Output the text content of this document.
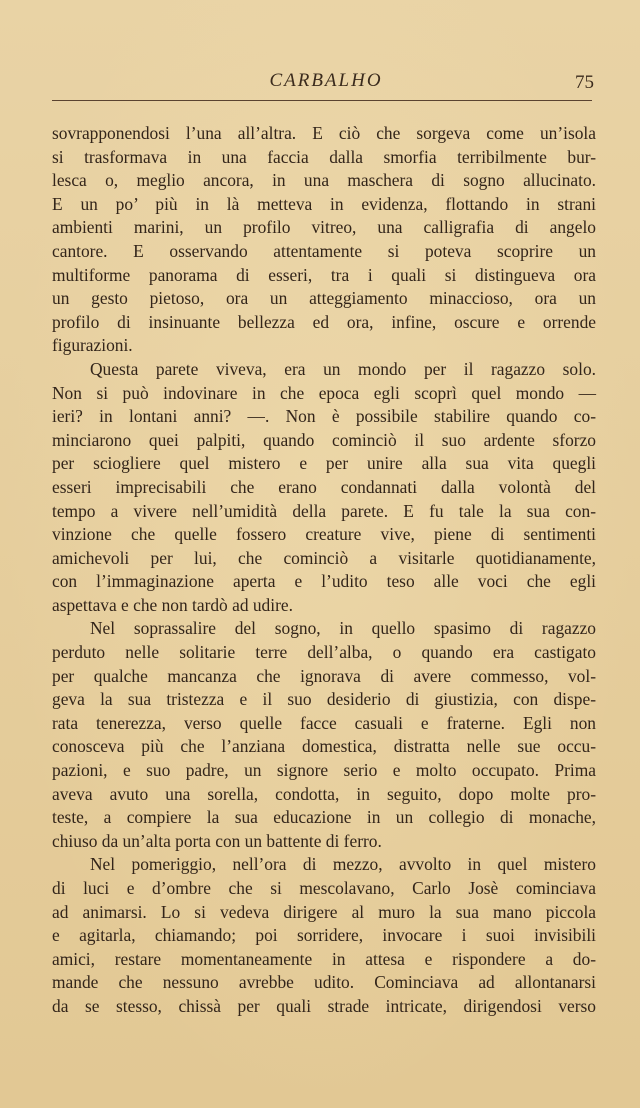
CARBALHO	75
sovrapponendosi l’una all’altra. E ciò che sorgeva come un’isola
si trasformava in una faccia dalla smorfia terribilmente bur-
lesca o, meglio ancora, in una maschera di sogno allucinato.
E un po’ più in là metteva in evidenza, flottando in strani
ambienti marini, un profilo vitreo, una calligrafia di angelo
cantore. E osservando attentamente si poteva scoprire un
multiforme panorama di esseri, tra i quali si distingueva ora
un gesto pietoso, ora un atteggiamento minaccioso, ora un
profilo di insinuante bellezza ed ora, infine, oscure e orrende
figurazioni.
Questa parete viveva, era un mondo per il ragazzo solo.
Non si può indovinare in che epoca egli scoprì quel mondo —
ieri? in lontani anni? —. Non è possibile stabilire quando co-
minciarono quei palpiti, quando cominciò il suo ardente sforzo
per sciogliere quel mistero e per unire alla sua vita quegli
esseri imprecisabili che erano condannati dalla volontà del
tempo a vivere nell’umidità della parete. E fu tale la sua con-
vinzione che quelle fossero creature vive, piene di sentimenti
amichevoli per lui, che cominciò a visitarle quotidianamente,
con l’immaginazione aperta e l’udito teso alle voci che egli
aspettava e che non tardò ad udire.
Nel soprassalire del sogno, in quello spasimo di ragazzo
perduto nelle solitarie terre dell’alba, o quando era castigato
per qualche mancanza che ignorava di avere commesso, vol-
geva la sua tristezza e il suo desiderio di giustizia, con dispe-
rata tenerezza, verso quelle facce casuali e fraterne. Egli non
conosceva più che l’anziana domestica, distratta nelle sue occu-
pazioni, e suo padre, un signore serio e molto occupato. Prima
aveva avuto una sorella, condotta, in seguito, dopo molte pro-
teste, a compiere la sua educazione in un collegio di monache,
chiuso da un’alta porta con un battente di ferro.
Nel pomeriggio, nell’ora di mezzo, avvolto in quel mistero
di luci e d’ombre che si mescolavano, Carlo Josè cominciava
ad animarsi. Lo si vedeva dirigere al muro la sua mano piccola
e agitarla, chiamando; poi sorridere, invocare i suoi invisibili
amici, restare momentaneamente in attesa e rispondere a do-
mande che nessuno avrebbe udito. Cominciava ad allontanarsi
da se stesso, chissà per quali strade intricate, dirigendosi verso
